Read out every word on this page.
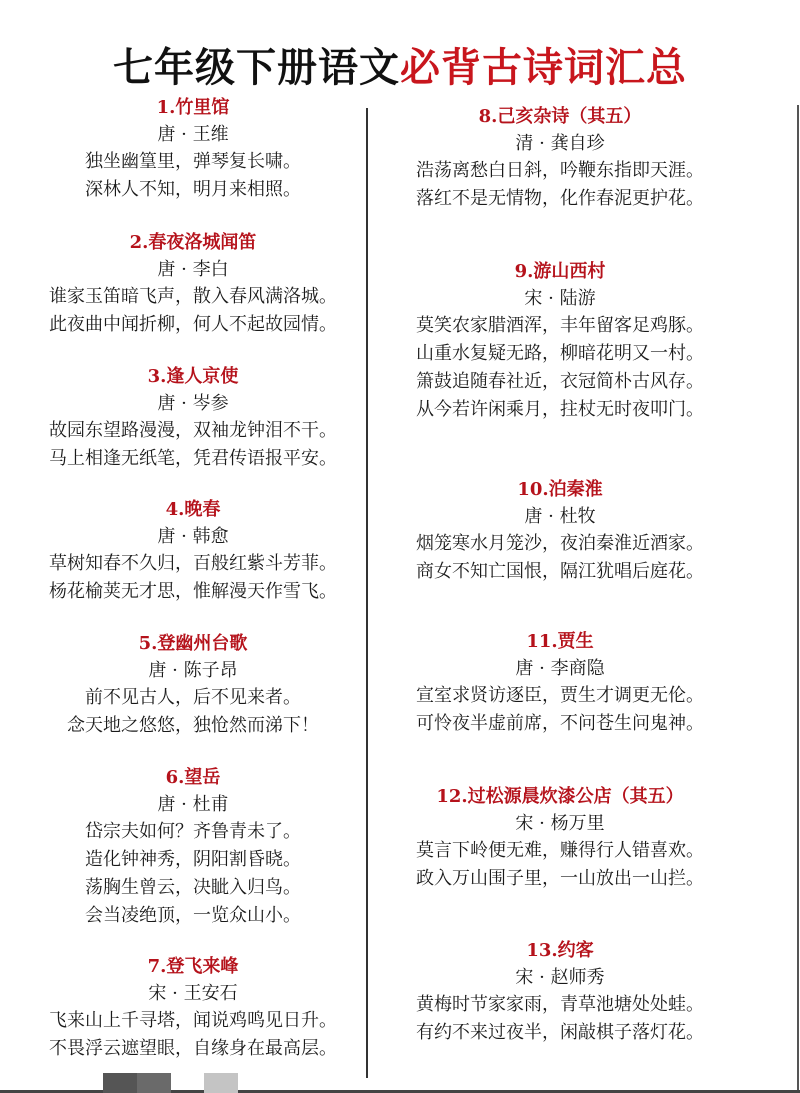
七年级下册语文必背古诗词汇总
1.竹里馆
唐 · 王维
独坐幽篁里，弹琴复长啸。
深林人不知，明月来相照。
2.春夜洛城闻笛
唐 · 李白
谁家玉笛暗飞声，散入春风满洛城。
此夜曲中闻折柳，何人不起故园情。
3.逢人京使
唐 · 岑参
故园东望路漫漫，双袖龙钟泪不干。
马上相逢无纸笔，凭君传语报平安。
4.晚春
唐 · 韩愈
草树知春不久归，百般红紫斗芳菲。
杨花榆荚无才思，惟解漫天作雪飞。
5.登幽州台歌
唐 · 陈子昂
前不见古人，后不见来者。
念天地之悠悠，独怆然而涕下！
6.望岳
唐 · 杜甫
岱宗夫如何？齐鲁青未了。
造化钟神秀，阴阳割昏晓。
荡胸生曾云，决眦入归鸟。
会当凌绝顶，一览众山小。
7.登飞来峰
宋 · 王安石
飞来山上千寻塔，闻说鸡鸣见日升。
不畏浮云遮望眼，自缘身在最高层。
8.己亥杂诗（其五）
清 · 龚自珍
浩荡离愁白日斜，吟鞭东指即天涯。
落红不是无情物，化作春泥更护花。
9.游山西村
宋 · 陆游
莫笑农家腊酒浑，丰年留客足鸡豚。
山重水复疑无路，柳暗花明又一村。
箫鼓追随春社近，衣冠简朴古风存。
从今若许闲乘月，拄杖无时夜叩门。
10.泊秦淮
唐 · 杜牧
烟笼寒水月笼沙，夜泊秦淮近酒家。
商女不知亡国恨，隔江犹唱后庭花。
11.贾生
唐 · 李商隐
宣室求贤访逐臣，贾生才调更无伦。
可怜夜半虚前席，不问苍生问鬼神。
12.过松源晨炊漆公店（其五）
宋 · 杨万里
莫言下岭便无难，赚得行人错喜欢。
政入万山围子里，一山放出一山拦。
13.约客
宋 · 赵师秀
黄梅时节家家雨，青草池塘处处蛙。
有约不来过夜半，闲敲棋子落灯花。
